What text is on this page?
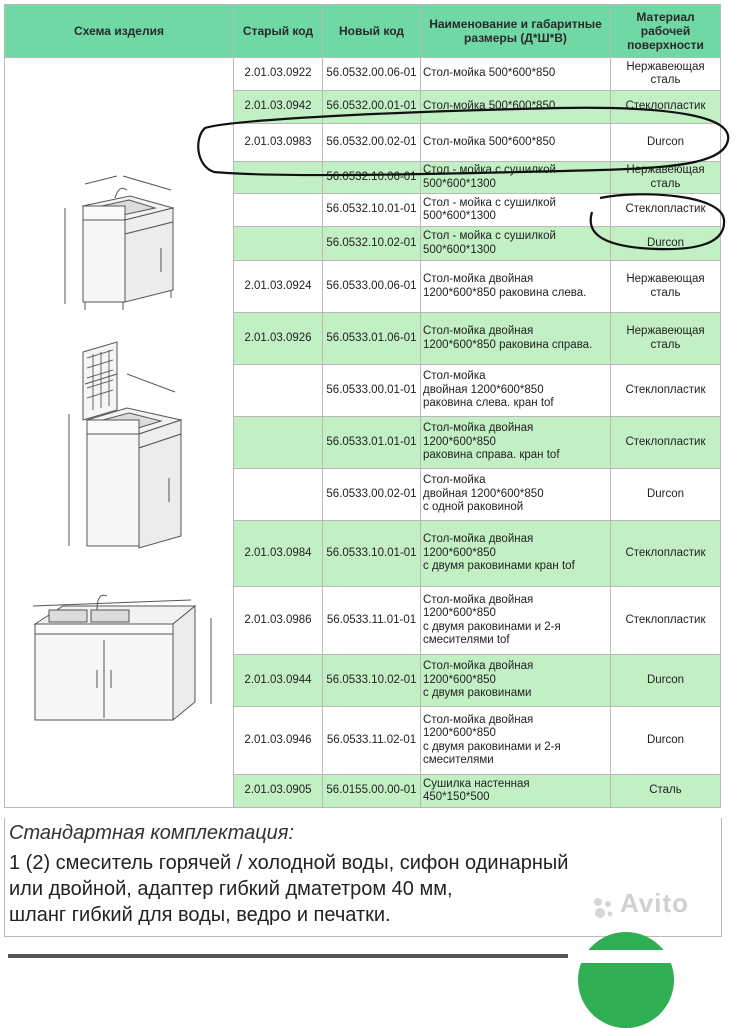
Схема изделия	Старый код	Новый код	Наименование и габаритные размеры (Д*Ш*В)	Материал рабочей поверхности

	2.01.03.0922	56.0532.00.06-01	Стол-мойка 500*600*850	Нержавеющая сталь
	2.01.03.0942	56.0532.00.01-01	Стол-мойка 500*600*850	Стеклопластик
	2.01.03.0983	56.0532.00.02-01	Стол-мойка 500*600*850	Durcon
		56.0532.10.06-01	Стол - мойка с сушилкой 500*600*1300	Нержавеющая сталь
		56.0532.10.01-01	Стол - мойка с сушилкой 500*600*1300	Стеклопластик
		56.0532.10.02-01	Стол - мойка с сушилкой 500*600*1300	Durcon
	2.01.03.0924	56.0533.00.06-01	Стол-мойка двойная
1200*600*850 раковина слева.	Нержавеющая сталь
	2.01.03.0926	56.0533.01.06-01	Стол-мойка двойная
1200*600*850 раковина справа.	Нержавеющая сталь
		56.0533.00.01-01	Стол-мойка
двойная 1200*600*850
раковина слева. кран tof	Стеклопластик
		56.0533.01.01-01	Стол-мойка двойная
1200*600*850
раковина справа. кран tof	Стеклопластик
		56.0533.00.02-01	Стол-мойка
двойная 1200*600*850
с одной раковиной	Durcon
	2.01.03.0984	56.0533.10.01-01	Стол-мойка двойная
1200*600*850
с двумя раковинами кран tof	Стеклопластик
	2.01.03.0986	56.0533.11.01-01	Стол-мойка двойная
1200*600*850
с двумя раковинами и 2-я смесителями tof	Стеклопластик
	2.01.03.0944	56.0533.10.02-01	Стол-мойка двойная
1200*600*850
с двумя раковинами	Durcon
	2.01.03.0946	56.0533.11.02-01	Стол-мойка двойная
1200*600*850
с двумя раковинами и 2-я смесителями	Durcon
	2.01.03.0905	56.0155.00.00-01	Сушилка настенная
450*150*500	Сталь
Стандартная комплектация:
1 (2) смеситель горячей / холодной воды, сифон одинарный
или двойной, адаптер гибкий дматетром 40 мм,
шланг гибкий для воды, ведро и печатки.	Avito
